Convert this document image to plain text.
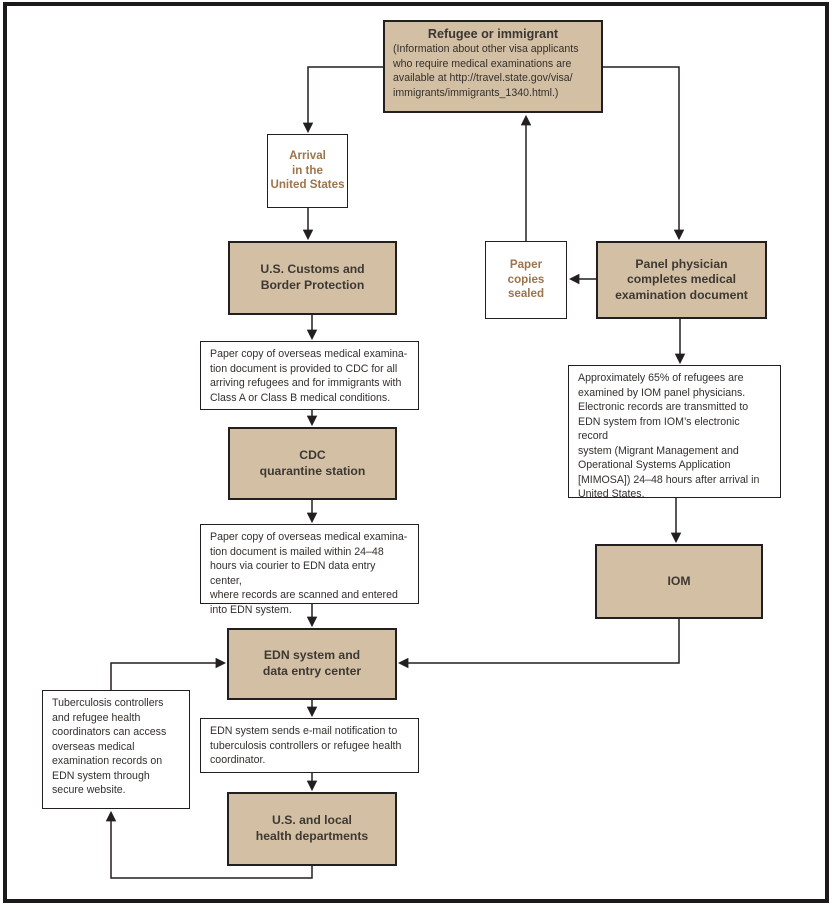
Refugee or immigrant
(Information about other visa applicants
who require medical examinations are
available at http://travel.state.gov/visa/
immigrants/immigrants_1340.html.)
Arrival
in the
United States
U.S. Customs and
Border Protection
Paper copy of overseas medical examina-
tion document is provided to CDC for all
arriving refugees and for immigrants with
Class A or Class B medical conditions.
CDC
quarantine station
Paper copy of overseas medical examina-
tion document is mailed within 24–48
hours via courier to EDN data entry center,
where records are scanned and entered
into EDN system.
EDN system and
data entry center
EDN system sends e-mail notification to
tuberculosis controllers or refugee health
coordinator.
U.S. and local
health departments
Tuberculosis controllers
and refugee health
coordinators can access
overseas medical
examination records on
EDN system through
secure website.
Paper
copies
sealed
Panel physician
completes medical
examination document
Approximately 65% of refugees are
examined by IOM panel physicians.
Electronic records are transmitted to
EDN system from IOM’s electronic record
system (Migrant Management and
Operational Systems Application
[MIMOSA]) 24–48 hours after arrival in
United States.
IOM
